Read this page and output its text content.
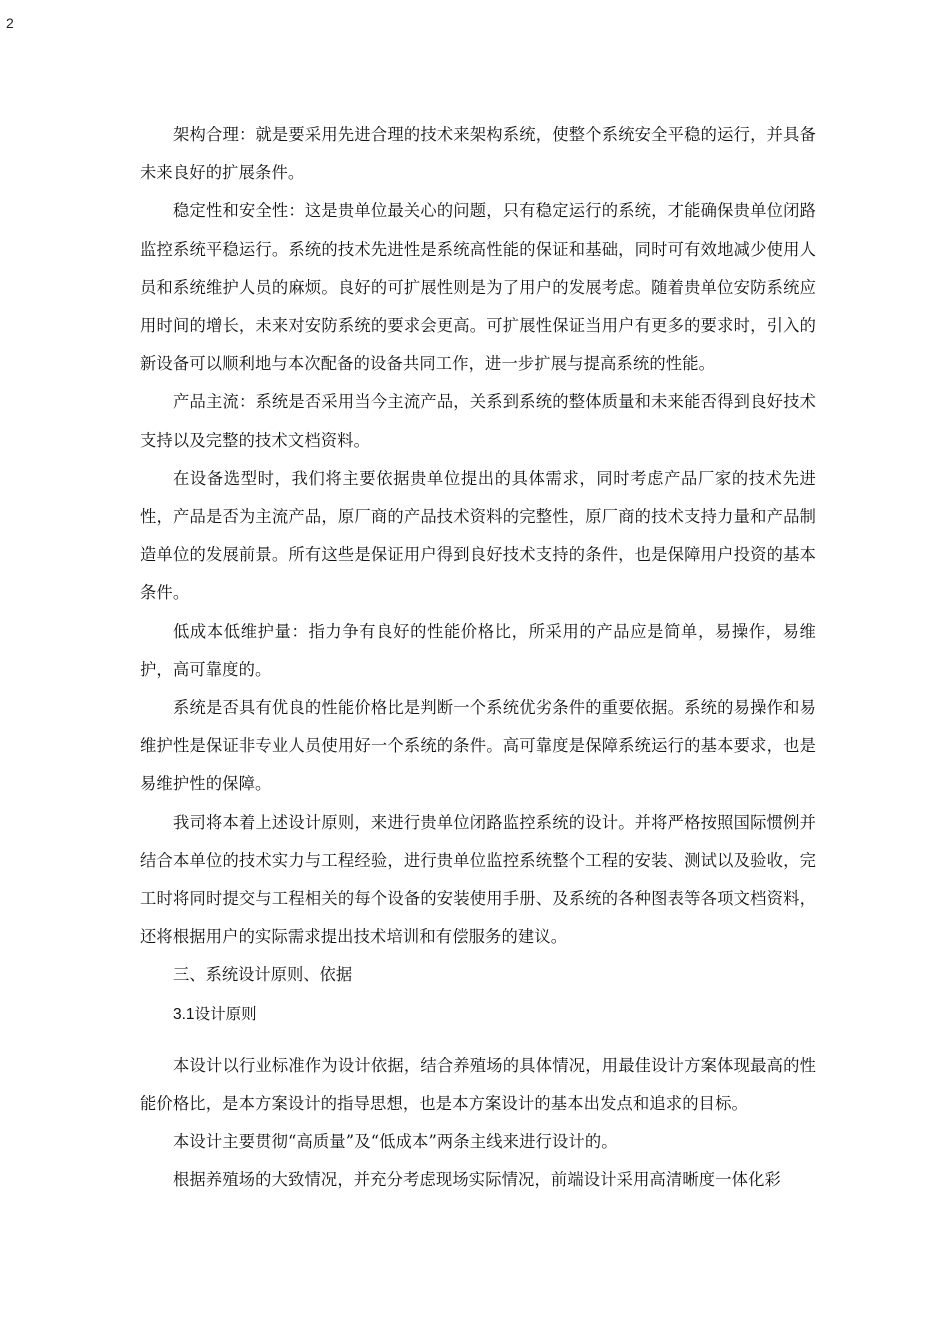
2

架构合理：就是要采用先进合理的技术来架构系统，使整个系统安全平稳的运行，并具备未来良好的扩展条件。

稳定性和安全性：这是贵单位最关心的问题，只有稳定运行的系统，才能确保贵单位闭路监控系统平稳运行。系统的技术先进性是系统高性能的保证和基础，同时可有效地减少使用人员和系统维护人员的麻烦。良好的可扩展性则是为了用户的发展考虑。随着贵单位安防系统应用时间的增长，未来对安防系统的要求会更高。可扩展性保证当用户有更多的要求时，引入的新设备可以顺利地与本次配备的设备共同工作，进一步扩展与提高系统的性能。

产品主流：系统是否采用当今主流产品，关系到系统的整体质量和未来能否得到良好技术支持以及完整的技术文档资料。

在设备选型时，我们将主要依据贵单位提出的具体需求，同时考虑产品厂家的技术先进性，产品是否为主流产品，原厂商的产品技术资料的完整性，原厂商的技术支持力量和产品制造单位的发展前景。所有这些是保证用户得到良好技术支持的条件，也是保障用户投资的基本条件。

低成本低维护量：指力争有良好的性能价格比，所采用的产品应是简单，易操作，易维护，高可靠度的。

系统是否具有优良的性能价格比是判断一个系统优劣条件的重要依据。系统的易操作和易维护性是保证非专业人员使用好一个系统的条件。高可靠度是保障系统运行的基本要求，也是易维护性的保障。

我司将本着上述设计原则，来进行贵单位闭路监控系统的设计。并将严格按照国际惯例并结合本单位的技术实力与工程经验，进行贵单位监控系统整个工程的安装、测试以及验收，完工时将同时提交与工程相关的每个设备的安装使用手册、及系统的各种图表等各项文档资料，还将根据用户的实际需求提出技术培训和有偿服务的建议。

三、系统设计原则、依据

3.1设计原则

本设计以行业标准作为设计依据，结合养殖场的具体情况，用最佳设计方案体现最高的性能价格比，是本方案设计的指导思想，也是本方案设计的基本出发点和追求的目标。

本设计主要贯彻“高质量”及“低成本”两条主线来进行设计的。

根据养殖场的大致情况，并充分考虑现场实际情况，前端设计采用高清晰度一体化彩
